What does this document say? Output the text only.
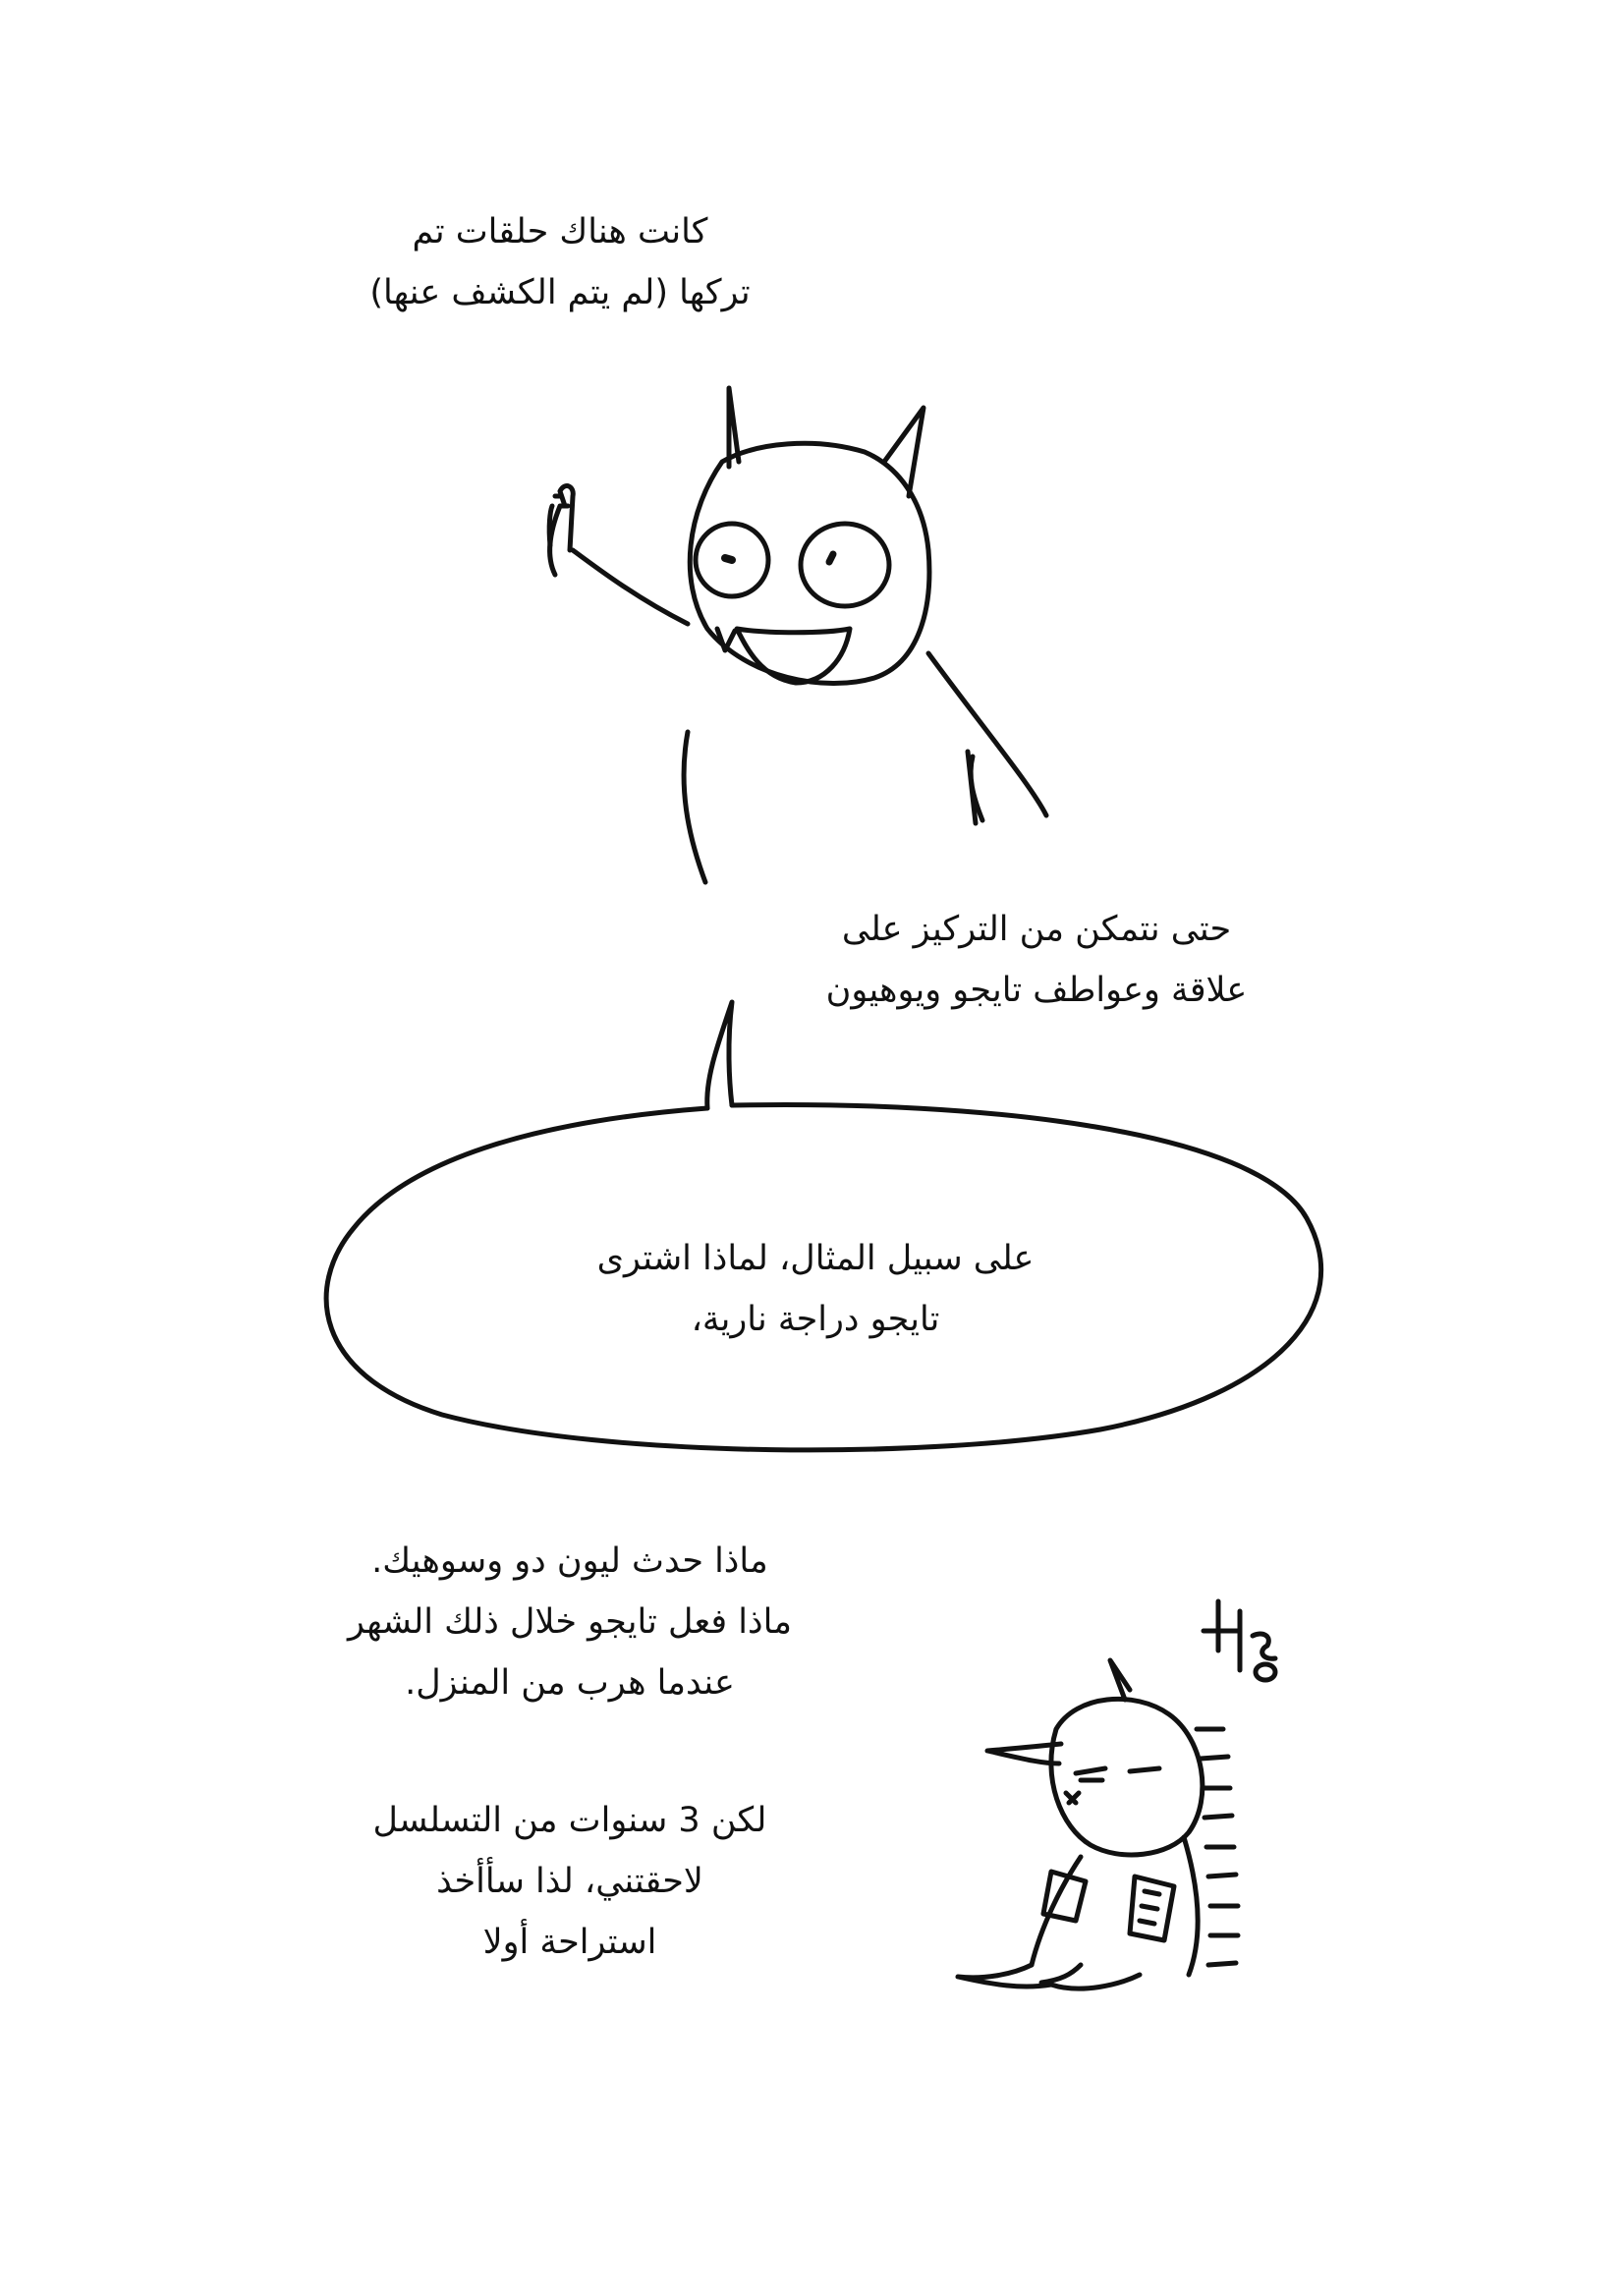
كانت هناك حلقات تم
تركها (لم يتم الكشف عنها)
حتى نتمكن من التركيز على
علاقة وعواطف تايجو ويوهيون
على سبيل المثال، لماذا اشترى
تايجو دراجة نارية،
ماذا حدث ليون دو وسوهيك.
ماذا فعل تايجو خلال ذلك الشهر
عندما هرب من المنزل.
لكن 3 سنوات من التسلسل
لاحقتني، لذا سأأخذ
استراحة أولا
